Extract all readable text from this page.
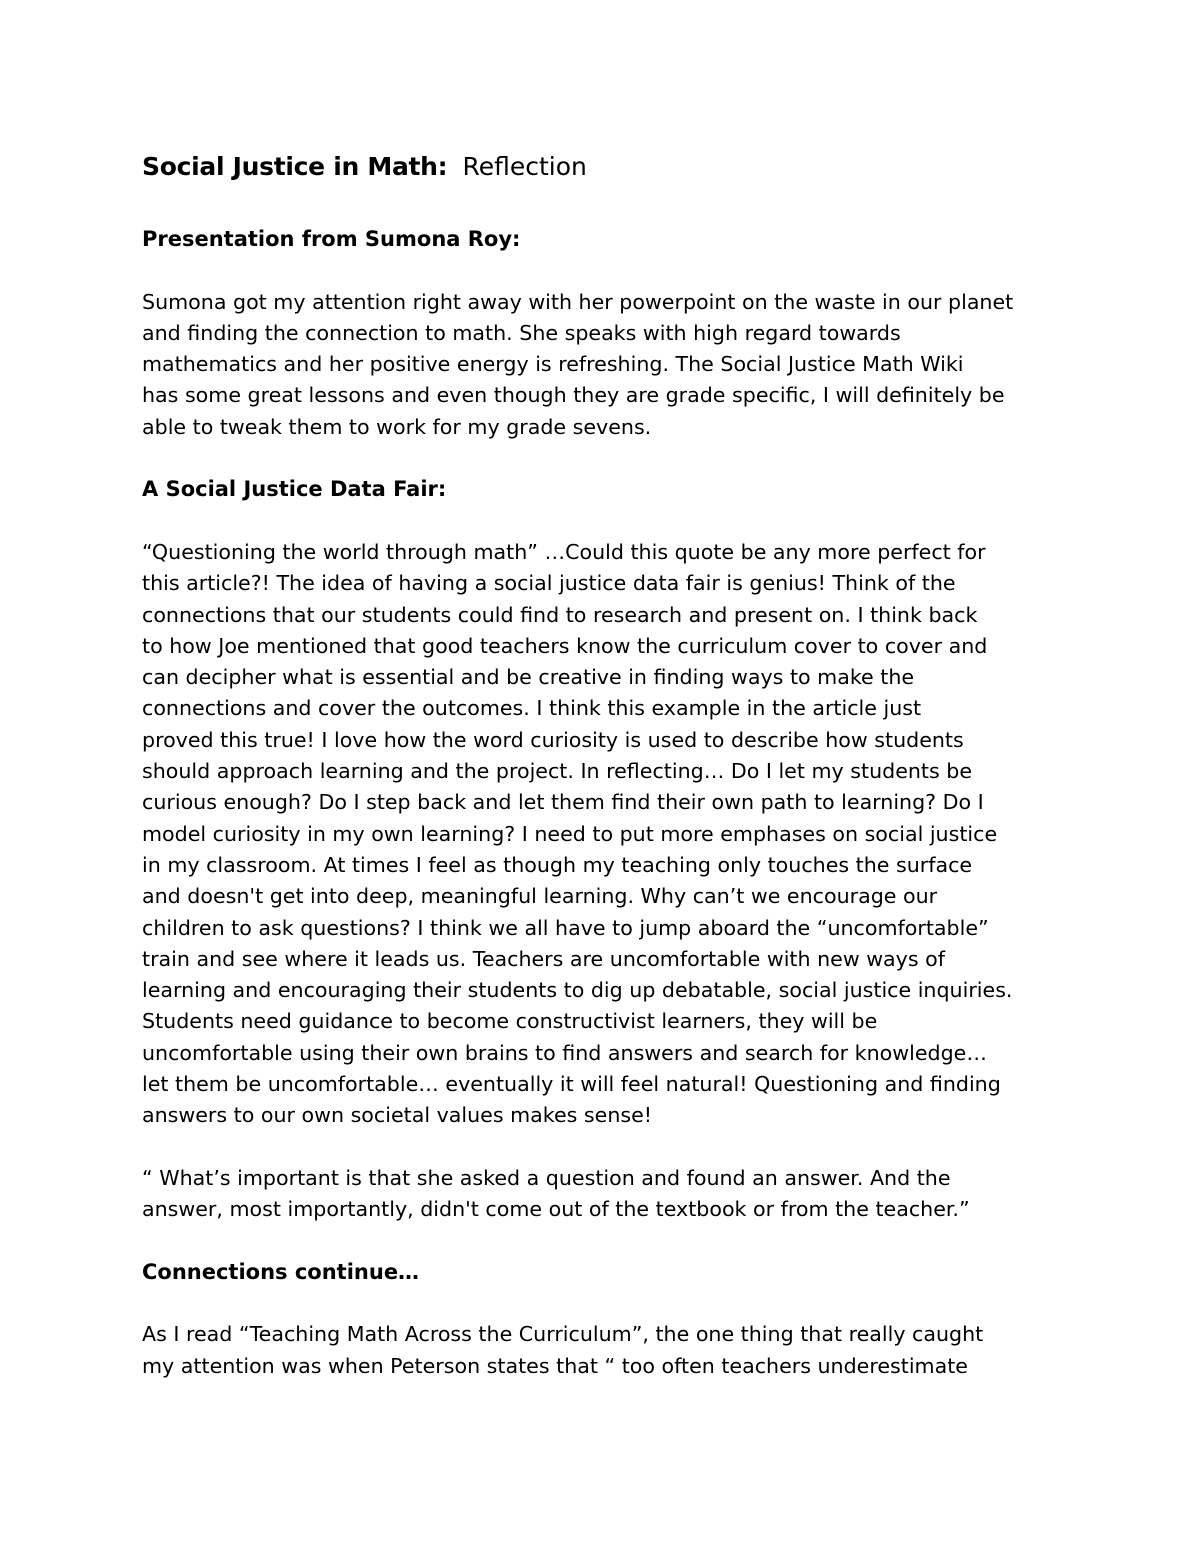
Social Justice in Math: Reflection
Presentation from Sumona Roy:

Sumona got my attention right away with her powerpoint on the waste in our planet
and finding the connection to math. She speaks with high regard towards
mathematics and her positive energy is refreshing. The Social Justice Math Wiki
has some great lessons and even though they are grade specific, I will definitely be
able to tweak them to work for my grade sevens.

A Social Justice Data Fair:

“Questioning the world through math” …Could this quote be any more perfect for
this article?! The idea of having a social justice data fair is genius! Think of the
connections that our students could find to research and present on. I think back
to how Joe mentioned that good teachers know the curriculum cover to cover and
can decipher what is essential and be creative in finding ways to make the
connections and cover the outcomes. I think this example in the article just
proved this true! I love how the word curiosity is used to describe how students
should approach learning and the project. In reflecting… Do I let my students be
curious enough? Do I step back and let them find their own path to learning? Do I
model curiosity in my own learning? I need to put more emphases on social justice
in my classroom. At times I feel as though my teaching only touches the surface
and doesn't get into deep, meaningful learning. Why can’t we encourage our
children to ask questions? I think we all have to jump aboard the “uncomfortable”
train and see where it leads us. Teachers are uncomfortable with new ways of
learning and encouraging their students to dig up debatable, social justice inquiries.
Students need guidance to become constructivist learners, they will be
uncomfortable using their own brains to find answers and search for knowledge…
let them be uncomfortable… eventually it will feel natural! Questioning and finding
answers to our own societal values makes sense!

“ What’s important is that she asked a question and found an answer. And the
answer, most importantly, didn't come out of the textbook or from the teacher.”

Connections continue…

As I read “Teaching Math Across the Curriculum”, the one thing that really caught
my attention was when Peterson states that “ too often teachers underestimate
